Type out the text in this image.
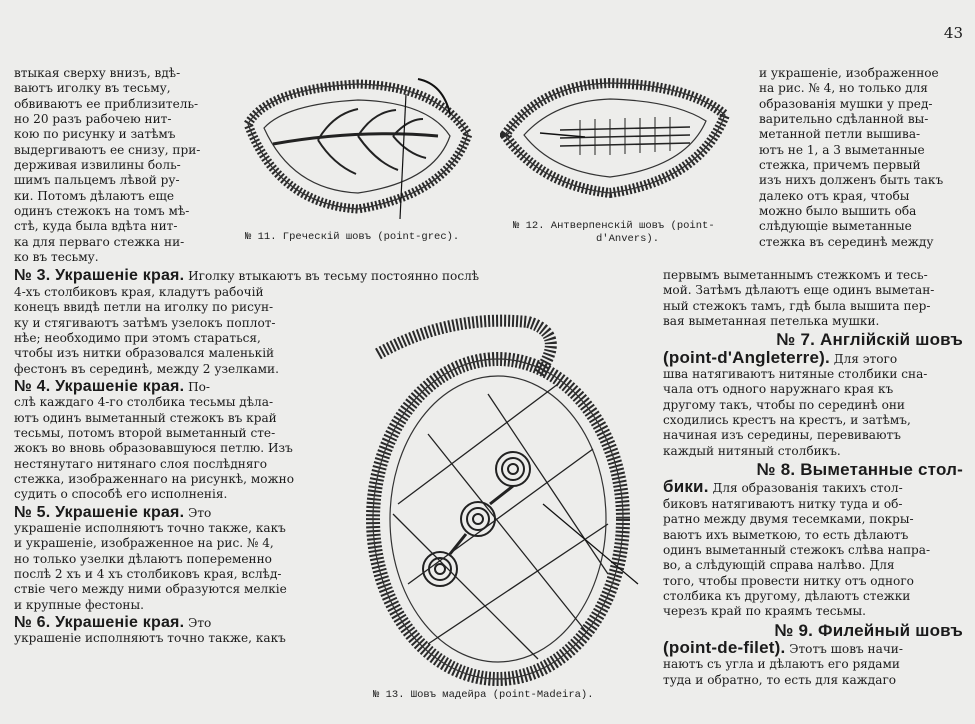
43
втыкая сверху внизъ, вдѣ-
ваютъ иголку въ тесьму,
обвиваютъ ее приблизитель-
но 20 разъ рабочею нит-
кою по рисунку и затѣмъ
выдергиваютъ ее снизу, при-
держивая извилины боль-
шимъ пальцемъ лѣвой ру-
ки. Потомъ дѣлаютъ еще
одинъ стежокъ на томъ мѣ-
стѣ, куда была вдѣта нит-
ка для перваго стежка ни-
ко въ тесьму.
№ 3. Украшеніе края. Иголку втыкаютъ въ тесьму постоянно послѣ
4-хъ столбиковъ края, кладутъ рабочій
конецъ ввидѣ петли на иголку по рисун-
ку и стягиваютъ затѣмъ узелокъ поплот-
нѣе; необходимо при этомъ стараться,
чтобы изъ нитки образовался маленькій
фестонъ въ серединѣ, между 2 узелками.
№ 4. Украшеніе края. По-
слѣ каждаго 4-го столбика тесьмы дѣла-
ютъ одинъ выметанный стежокъ въ край
тесьмы, потомъ второй выметанный сте-
жокъ во вновь образовавшуюся петлю. Изъ
нестянутаго нитянаго слоя послѣдняго
стежка, изображеннаго на рисункѣ, можно
судить о способѣ его исполненія.
№ 5. Украшеніе края. Это
украшеніе исполняютъ точно также, какъ
и украшеніе, изображенное на рис. № 4,
но только узелки дѣлаютъ попеременно
послѣ 2 хъ и 4 хъ столбиковъ края, вслѣд-
ствіе чего между ними образуются мелкіе
и крупные фестоны.
№ 6. Украшеніе края. Это
украшеніе исполняютъ точно также, какъ
и украшеніе, изображенное
на рис. № 4, но только для
образованія мушки у пред-
варительно сдѣланной вы-
метанной петли вышива-
ютъ не 1, а 3 выметанные
стежка, причемъ первый
изъ нихъ долженъ быть такъ
далеко отъ края, чтобы
можно было вышить оба
слѣдующіе выметанные
стежка въ серединѣ между
первымъ выметаннымъ стежкомъ и тесь-
мой. Затѣмъ дѣлаютъ еще одинъ выметан-
ный стежокъ тамъ, гдѣ была вышита пер-
вая выметанная петелька мушки.
№ 7. Англійскій шовъ
(point-d'Angleterre). Для этого
шва натягиваютъ нитяные столбики сна-
чала отъ одного наружнаго края къ
другому такъ, чтобы по серединѣ они
сходились крестъ на крестъ, и затѣмъ,
начиная изъ середины, перевиваютъ
каждый нитяный столбикъ.
№ 8. Выметанные стол-
бики. Для образованія такихъ стол-
биковъ натягиваютъ нитку туда и об-
ратно между двумя тесемками, покры-
ваютъ ихъ выметкою, то есть дѣлаютъ
одинъ выметанный стежокъ слѣва напра-
во, а слѣдующій справа налѣво. Для
того, чтобы провести нитку отъ одного
столбика къ другому, дѣлаютъ стежки
черезъ край по краямъ тесьмы.
№ 9. Филейный шовъ
(point-de-filet). Этотъ шовъ начи-
наютъ съ угла и дѣлаютъ его рядами
туда и обратно, то есть для каждаго
№ 11. Греческій шовъ (point-grec).
№ 12. Антверпенскій шовъ (point-
d'Anvers).
№ 13. Шовъ мадейра (point-Madeira).
